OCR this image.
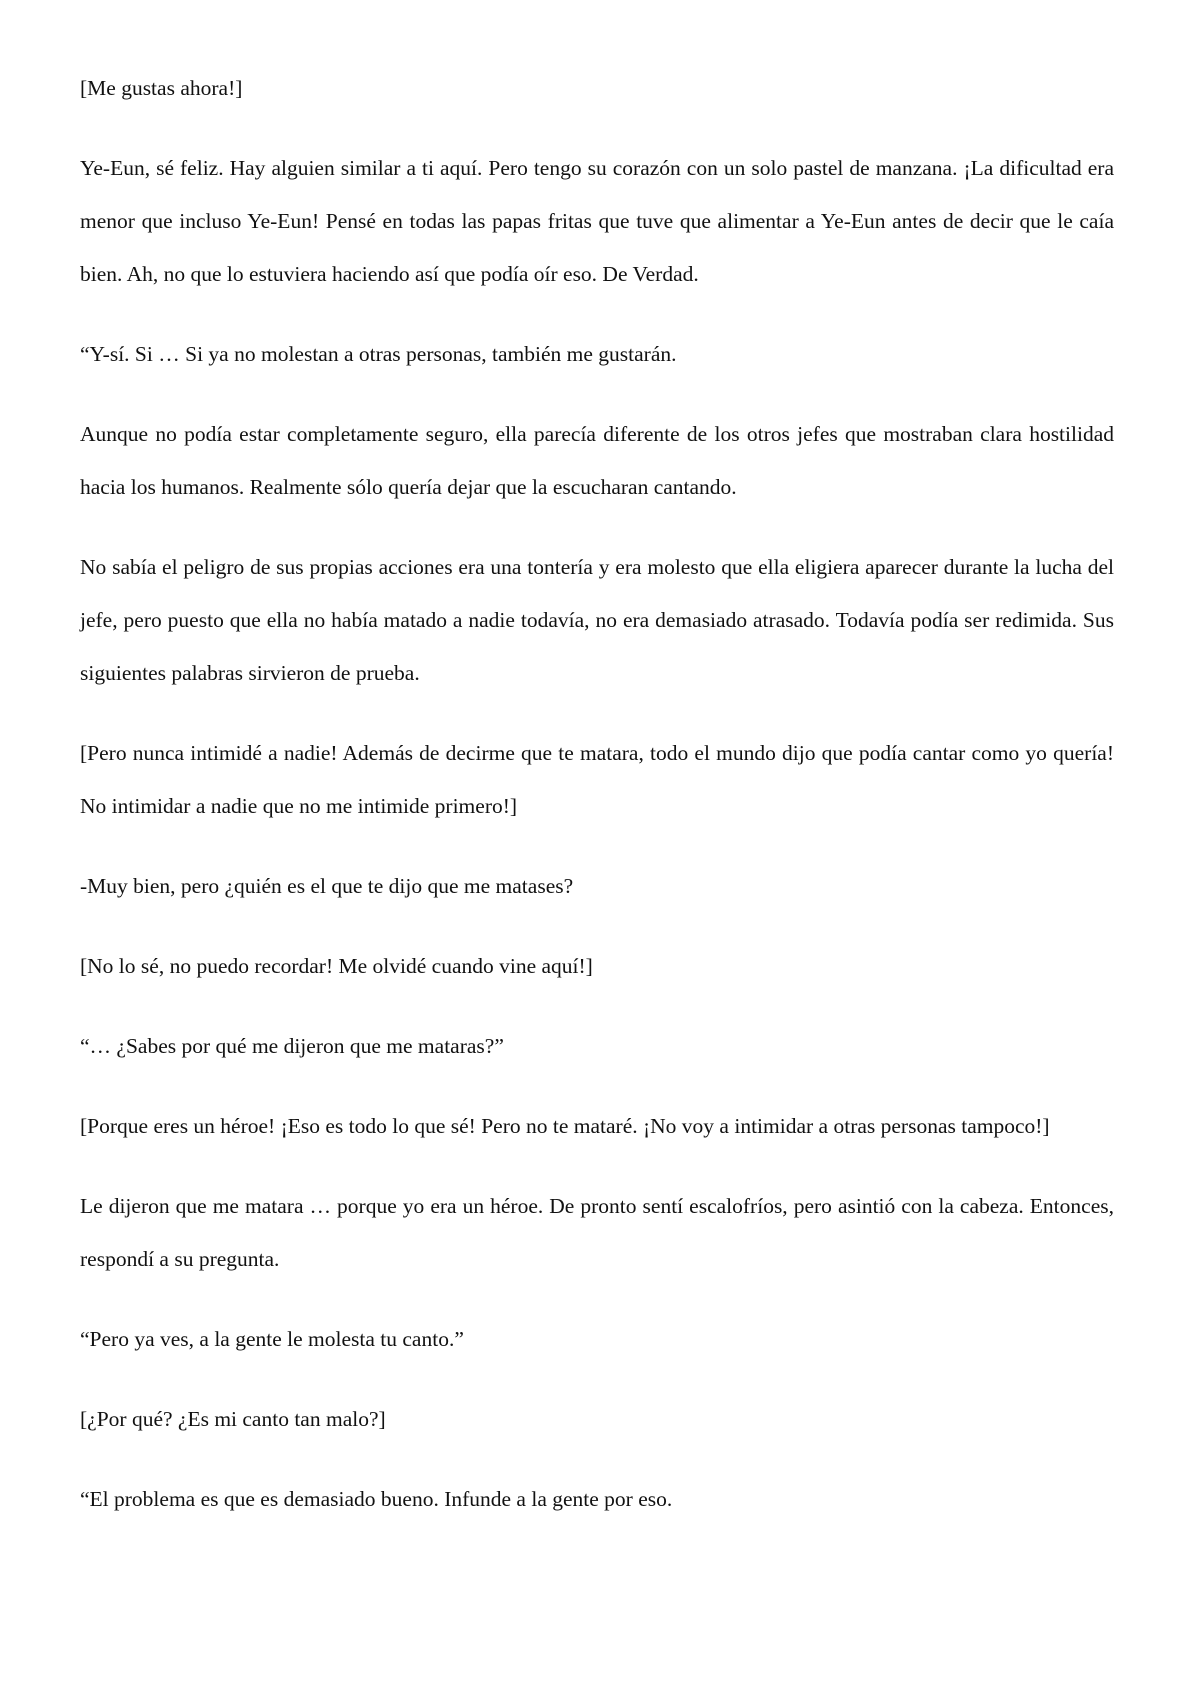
[Me gustas ahora!]

Ye-Eun, sé feliz. Hay alguien similar a ti aquí. Pero tengo su corazón con un solo pastel de manzana. ¡La dificultad era menor que incluso Ye-Eun! Pensé en todas las papas fritas que tuve que alimentar a Ye-Eun antes de decir que le caía bien. Ah, no que lo estuviera haciendo así que podía oír eso. De Verdad.

“Y-sí. Si … Si ya no molestan a otras personas, también me gustarán.

Aunque no podía estar completamente seguro, ella parecía diferente de los otros jefes que mostraban clara hostilidad hacia los humanos. Realmente sólo quería dejar que la escucharan cantando.

No sabía el peligro de sus propias acciones era una tontería y era molesto que ella eligiera aparecer durante la lucha del jefe, pero puesto que ella no había matado a nadie todavía, no era demasiado atrasado. Todavía podía ser redimida. Sus siguientes palabras sirvieron de prueba.

[Pero nunca intimidé a nadie! Además de decirme que te matara, todo el mundo dijo que podía cantar como yo quería! No intimidar a nadie que no me intimide primero!]

-Muy bien, pero ¿quién es el que te dijo que me matases?

[No lo sé, no puedo recordar! Me olvidé cuando vine aquí!]

“… ¿Sabes por qué me dijeron que me mataras?”

[Porque eres un héroe! ¡Eso es todo lo que sé! Pero no te mataré. ¡No voy a intimidar a otras personas tampoco!]

Le dijeron que me matara … porque yo era un héroe. De pronto sentí escalofríos, pero asintió con la cabeza. Entonces, respondí a su pregunta.

“Pero ya ves, a la gente le molesta tu canto.”

[¿Por qué? ¿Es mi canto tan malo?]

“El problema es que es demasiado bueno. Infunde a la gente por eso.
